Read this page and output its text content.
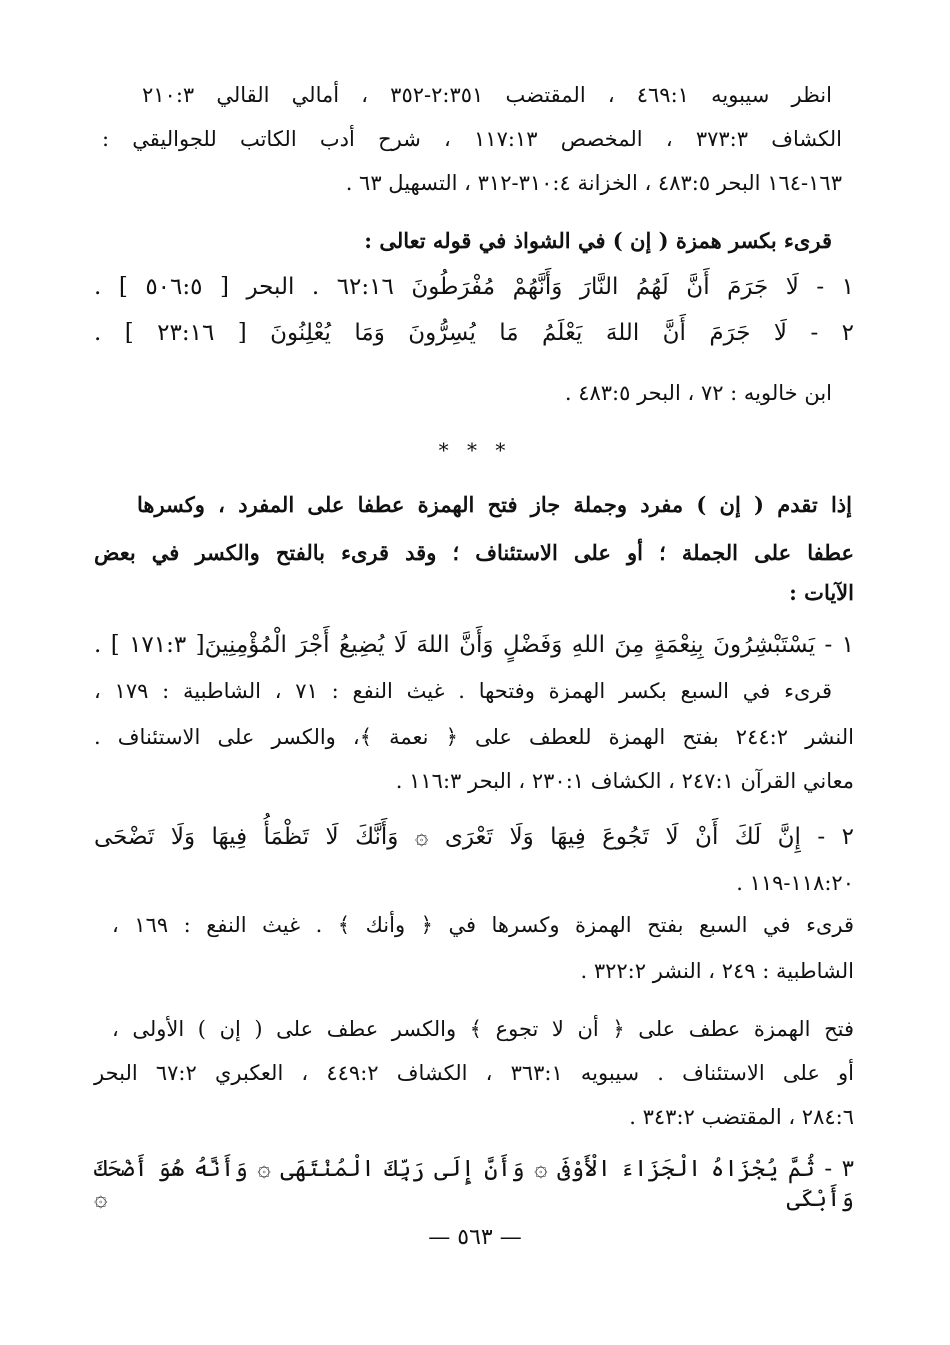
انظر سيبويه ٤٦٩:١ ، المقتضب ٢:٣٥١-٣٥٢ ، أمالي القالي ٢١٠:٣
الكشاف ٣٧٣:٣ ، المخصص ١١٧:١٣ ، شرح أدب الكاتب للجواليقي :
١٦٣-١٦٤ البحر ٤٨٣:٥ ، الخزانة ٣١٠:٤-٣١٢ ، التسهيل ٦٣ .
قرىء بكسر همزة ( إن ) في الشواذ في قوله تعالى :
١ - لَا جَرَمَ أَنَّ لَهُمُ النَّارَ وَأَنَّهُمْ مُفْرَطُونَ ٦٢:١٦ . البحر [ ٥٠٦:٥ ] .
٢ - لَا جَرَمَ أَنَّ اللهَ يَعْلَمُ مَا يُسِرُّونَ وَمَا يُعْلِنُونَ [ ٢٣:١٦ ] .
ابن خالويه : ٧٢ ، البحر ٤٨٣:٥ .
* * *
إذا تقدم ( إن ) مفرد وجملة جاز فتح الهمزة عطفا على المفرد ، وكسرها
عطفا على الجملة ؛ أو على الاستئناف ؛ وقد قرىء بالفتح والكسر في بعض
الآيات :
١ - يَسْتَبْشِرُونَ بِنِعْمَةٍ مِنَ اللهِ وَفَضْلٍ وَأَنَّ اللهَ لَا يُضِيعُ أَجْرَ الْمُؤْمِنِينَ[ ١٧١:٣ ] .
قرىء في السبع بكسر الهمزة وفتحها . غيث النفع : ٧١ ، الشاطبية : ١٧٩ ،
النشر ٢٤٤:٢ بفتح الهمزة للعطف على ﴿ نعمة ﴾، والكسر على الاستئناف .
معاني القرآن ٢٤٧:١ ، الكشاف ٢٣٠:١ ، البحر ١١٦:٣ .
٢ - إِنَّ لَكَ أَنْ لَا تَجُوعَ فِيهَا وَلَا تَعْرَى ۞ وَأَنَّكَ لَا تَظْمَأُ فِيهَا وَلَا تَضْحَى
١١٨:٢٠-١١٩ .
قرىء في السبع بفتح الهمزة وكسرها في ﴿ وأنك ﴾ . غيث النفع : ١٦٩ ،
الشاطبية : ٢٤٩ ، النشر ٣٢٢:٢ .
فتح الهمزة عطف على ﴿ أن لا تجوع ﴾ والكسر عطف على ( إن ) الأولى ،
أو على الاستئناف . سيبويه ٣٦٣:١ ، الكشاف ٤٤٩:٢ ، العكبري ٦٧:٢ البحر
٢٨٤:٦ ، المقتضب ٣٤٣:٢ .
٣ - ثُمَّ يُجْزَاهُ الْجَزَاءَ الْأَوْفَى ۞ وَأَنَّ إِلَى رَبِّكَ الْمُنْتَهَى ۞ وَأَنَّهُ هُوَ أَضْحَكَ وَأَبْكَى ۞
— ٥٦٣ —
